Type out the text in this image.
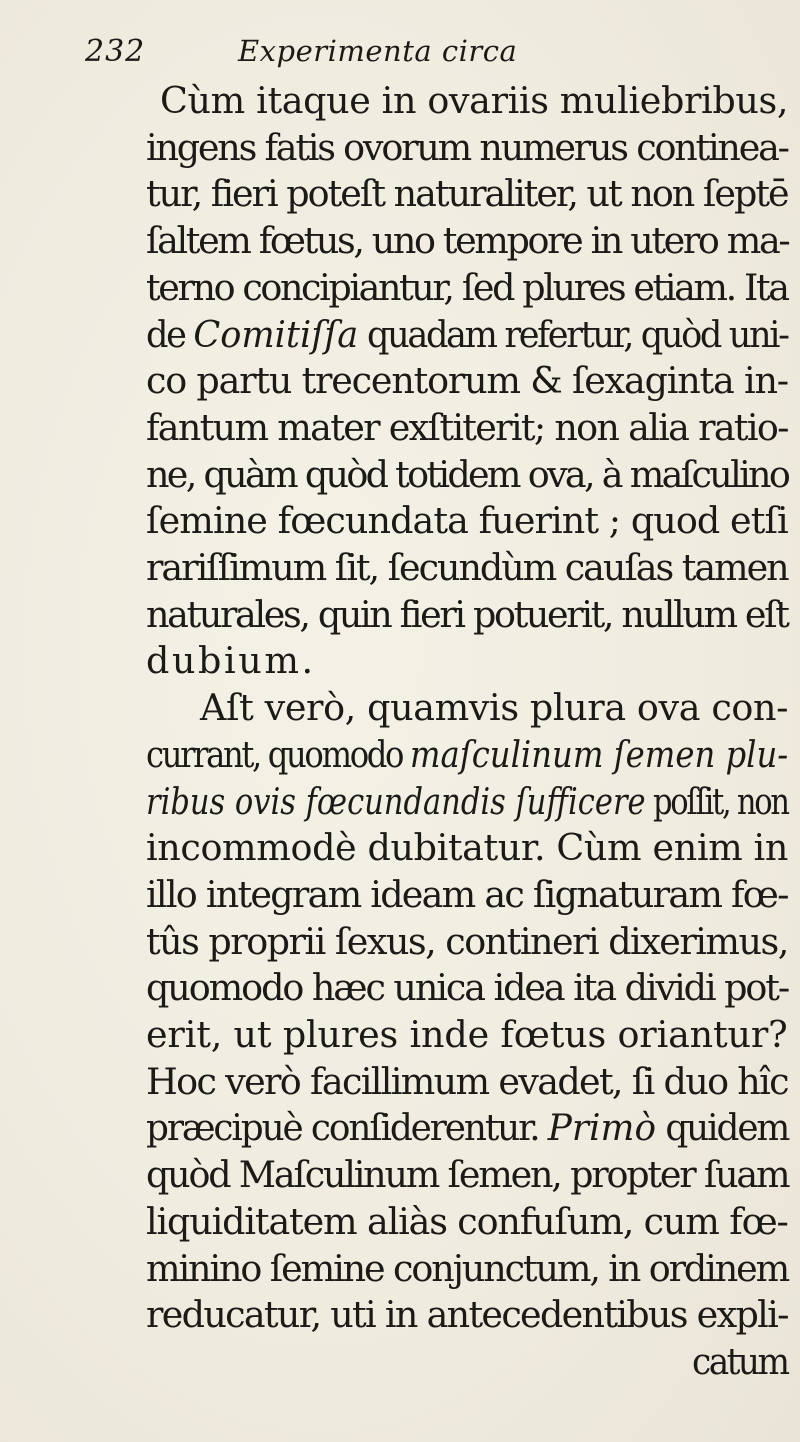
232	Experimenta circa
Cùm itaque in ovariis muliebribus,
ingens fatis ovorum numerus continea-
tur, fieri poteſt naturaliter, ut non ſeptē
ſaltem fœtus, uno tempore in utero ma-
terno concipiantur, ſed plures etiam. Ita
de Comitiſſa quadam refertur, quòd uni-
co partu trecentorum & ſexaginta in-
fantum mater exſtiterit; non alia ratio-
ne, quàm quòd totidem ova, à maſculino
ſemine fœcundata fuerint ; quod etſi
rariſſimum ſit, ſecundùm cauſas tamen
naturales, quin fieri potuerit, nullum eſt
dubium.
Aſt verò, quamvis plura ova con-
currant, quomodo maſculinum ſemen plu-
ribus ovis fœcundandis ſufficere poſſit, non
incommodè dubitatur. Cùm enim in
illo integram ideam ac ſignaturam fœ-
tûs proprii ſexus, contineri dixerimus,
quomodo hæc unica idea ita dividi pot-
erit, ut plures inde fœtus oriantur?
Hoc verò facillimum evadet, ſi duo hîc
præcipuè conſiderentur. Primò quidem
quòd Maſculinum ſemen, propter ſuam
liquiditatem aliàs confuſum, cum fœ-
minino ſemine conjunctum, in ordinem
reducatur, uti in antecedentibus expli-
catum
